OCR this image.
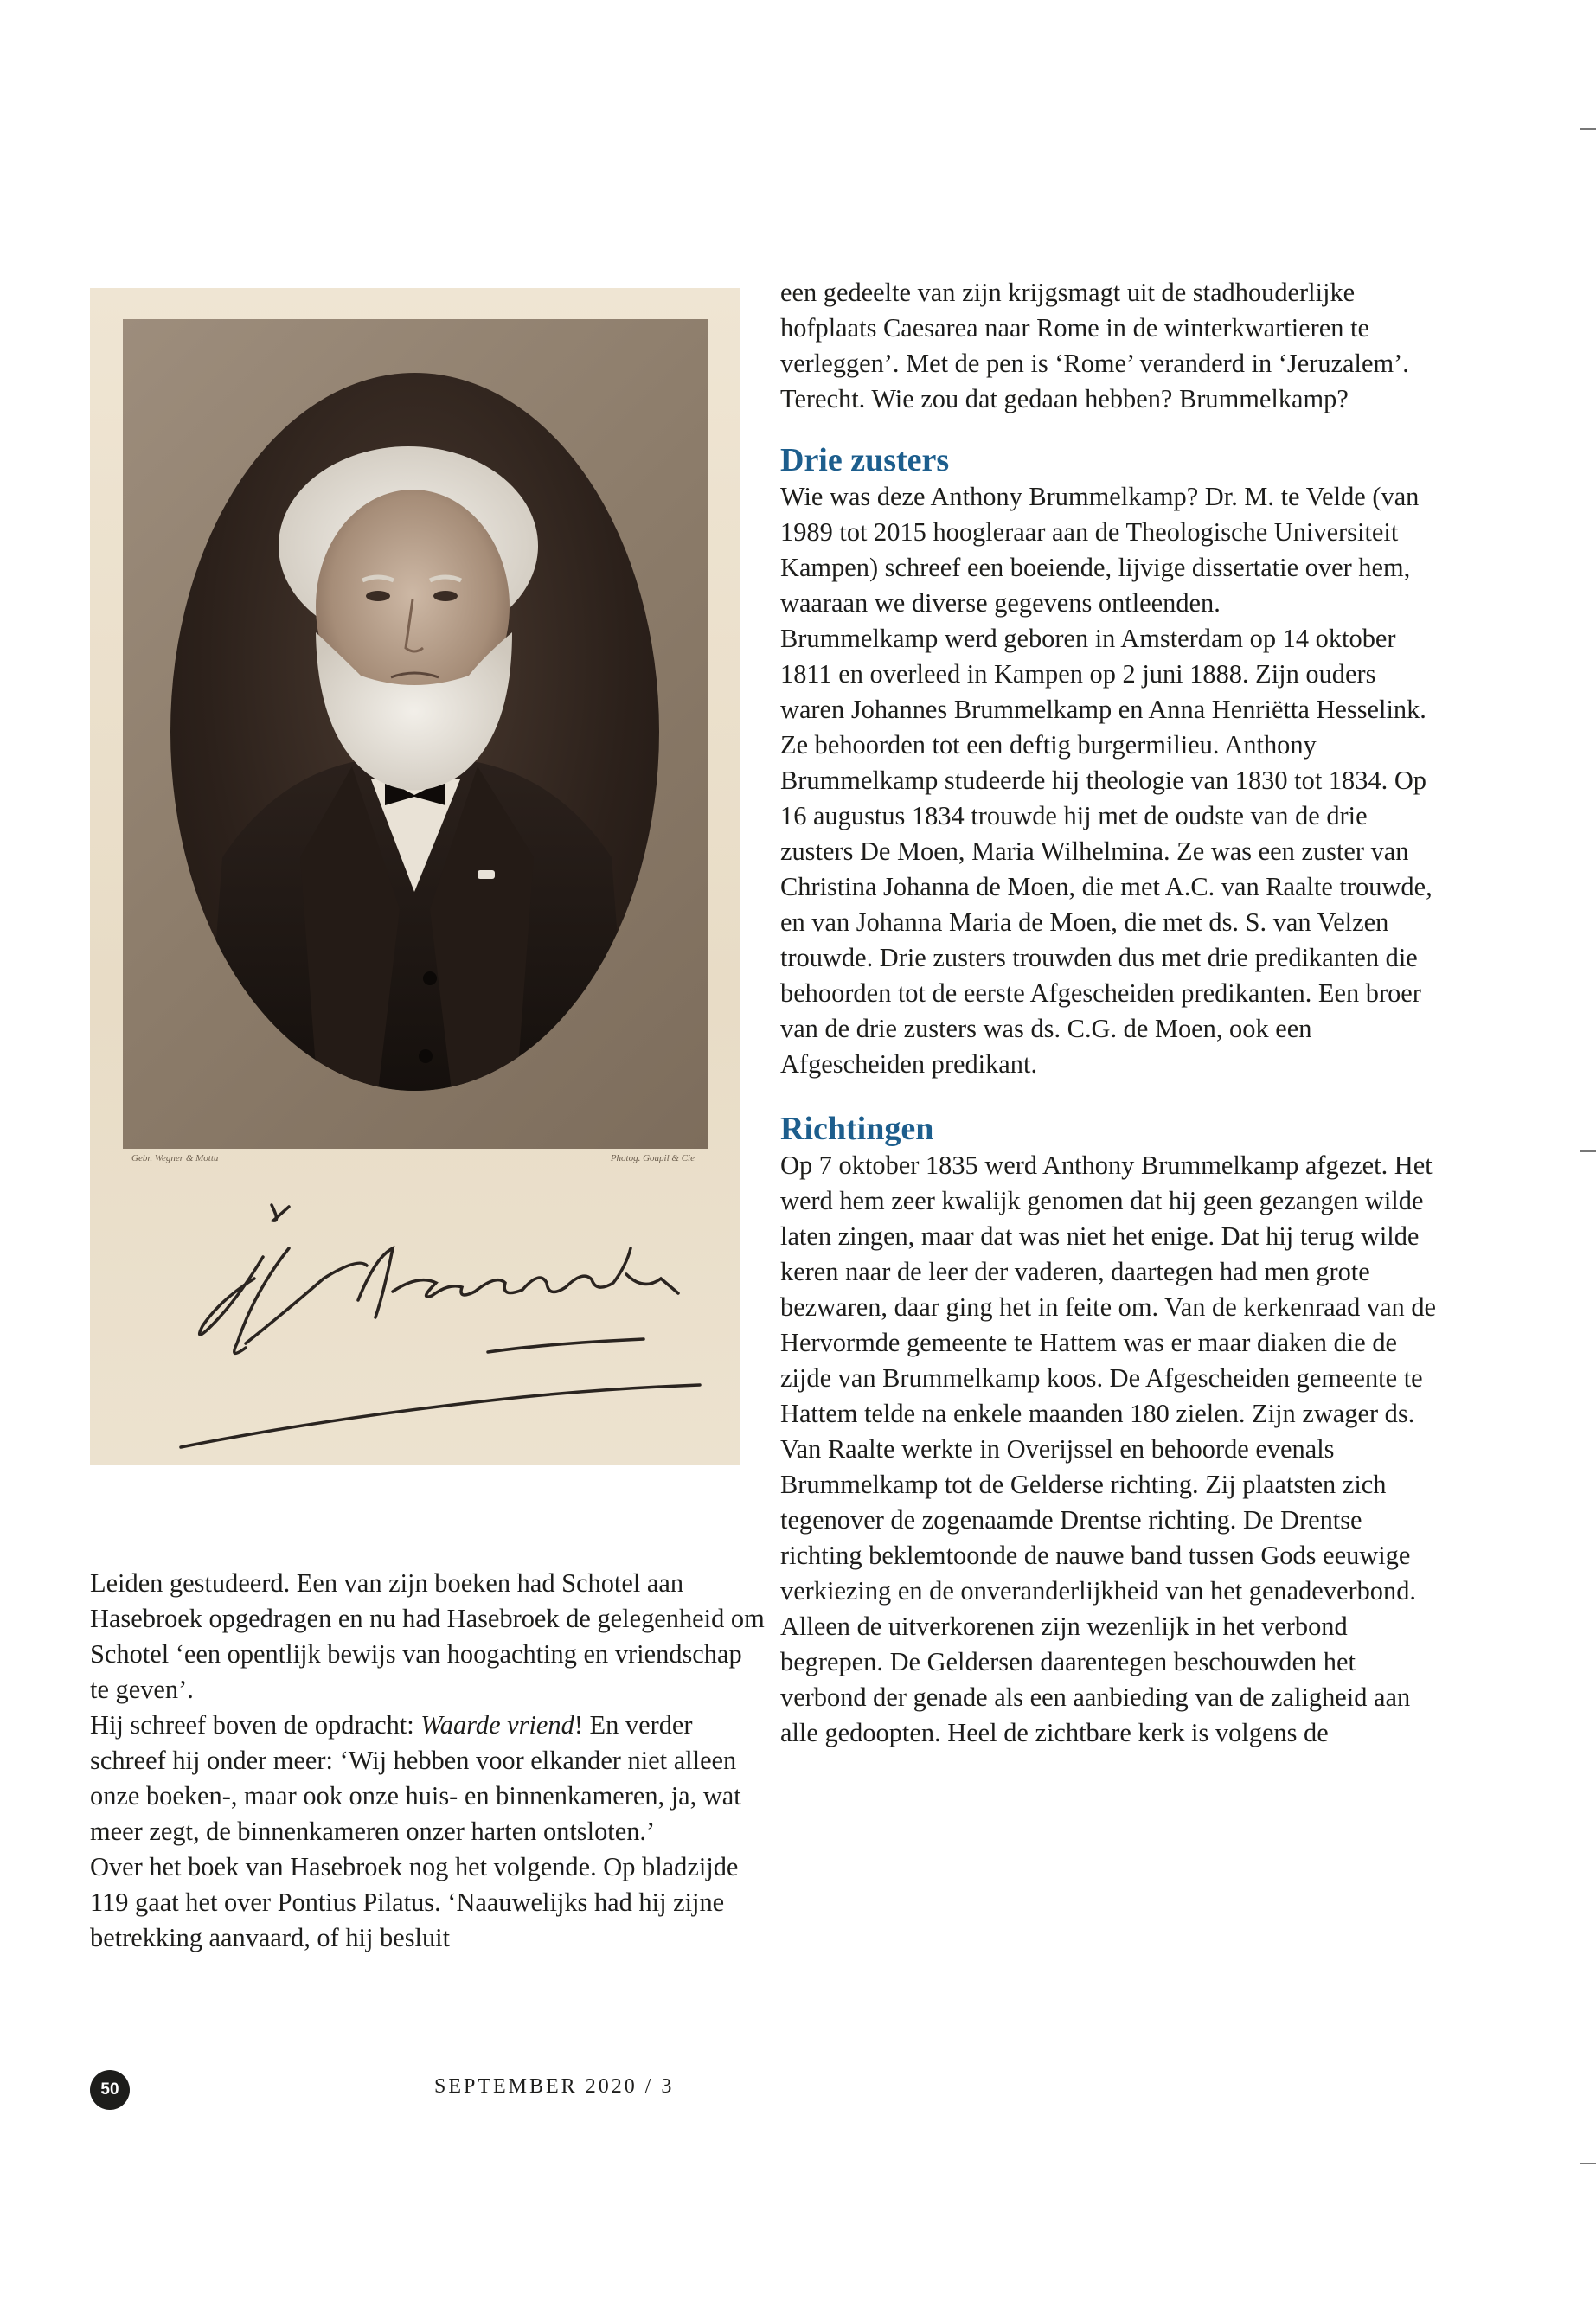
Gebr. Wegner & Mottu	Photog. Goupil & Cie

Leiden gestudeerd. Een van zijn boeken had Schotel aan Hasebroek opgedragen en nu had Hasebroek de gelegenheid om Schotel ‘een opentlijk bewijs van hoogachting en vriendschap te geven’.

Hij schreef boven de opdracht: Waarde vriend! En verder schreef hij onder meer: ‘Wij hebben voor elkander niet alleen onze boeken-, maar ook onze huis- en binnenkameren, ja, wat meer zegt, de binnenkameren onzer harten ontsloten.’

Over het boek van Hasebroek nog het volgende. Op bladzijde 119 gaat het over Pontius Pilatus. ‘Naauwelijks had hij zijne betrekking aanvaard, of hij besluit

een gedeelte van zijn krijgsmagt uit de stadhouderlijke hofplaats Caesarea naar Rome in de winterkwartieren te verleggen’. Met de pen is ‘Rome’ veranderd in ‘Jeruzalem’. Terecht. Wie zou dat gedaan hebben? Brummelkamp?

Drie zusters

Wie was deze Anthony Brummelkamp? Dr. M. te Velde (van 1989 tot 2015 hoogleraar aan de Theologische Universiteit Kampen) schreef een boeiende, lijvige dissertatie over hem, waaraan we diverse gegevens ontleenden.

Brummelkamp werd geboren in Amsterdam op 14 oktober 1811 en overleed in Kampen op 2 juni 1888. Zijn ouders waren Johannes Brummelkamp en Anna Henriëtta Hesselink. Ze behoorden tot een deftig burgermilieu. Anthony Brummelkamp studeerde hij theologie van 1830 tot 1834. Op 16 augustus 1834 trouwde hij met de oudste van de drie zusters De Moen, Maria Wilhelmina. Ze was een zuster van Christina Johanna de Moen, die met A.C. van Raalte trouwde, en van Johanna Maria de Moen, die met ds. S. van Velzen trouwde. Drie zusters trouwden dus met drie predikanten die behoorden tot de eerste Afgescheiden predikanten. Een broer van de drie zusters was ds. C.G. de Moen, ook een Afgescheiden predikant.

Richtingen

Op 7 oktober 1835 werd Anthony Brummelkamp afgezet. Het werd hem zeer kwalijk genomen dat hij geen gezangen wilde laten zingen, maar dat was niet het enige. Dat hij terug wilde keren naar de leer der vaderen, daartegen had men grote bezwaren, daar ging het in feite om. Van de kerkenraad van de Hervormde gemeente te Hattem was er maar diaken die de zijde van Brummelkamp koos. De Afgescheiden gemeente te Hattem telde na enkele maanden 180 zielen. Zijn zwager ds. Van Raalte werkte in Overijssel en behoorde evenals Brummelkamp tot de Gelderse richting. Zij plaatsten zich tegenover de zogenaamde Drentse richting. De Drentse richting beklemtoonde de nauwe band tussen Gods eeuwige verkiezing en de onveranderlijkheid van het genadeverbond. Alleen de uitverkorenen zijn wezenlijk in het verbond begrepen. De Geldersen daarentegen beschouwden het verbond der genade als een aanbieding van de zaligheid aan alle gedoopten. Heel de zichtbare kerk is volgens de

50	SEPTEMBER 2020 / 3
